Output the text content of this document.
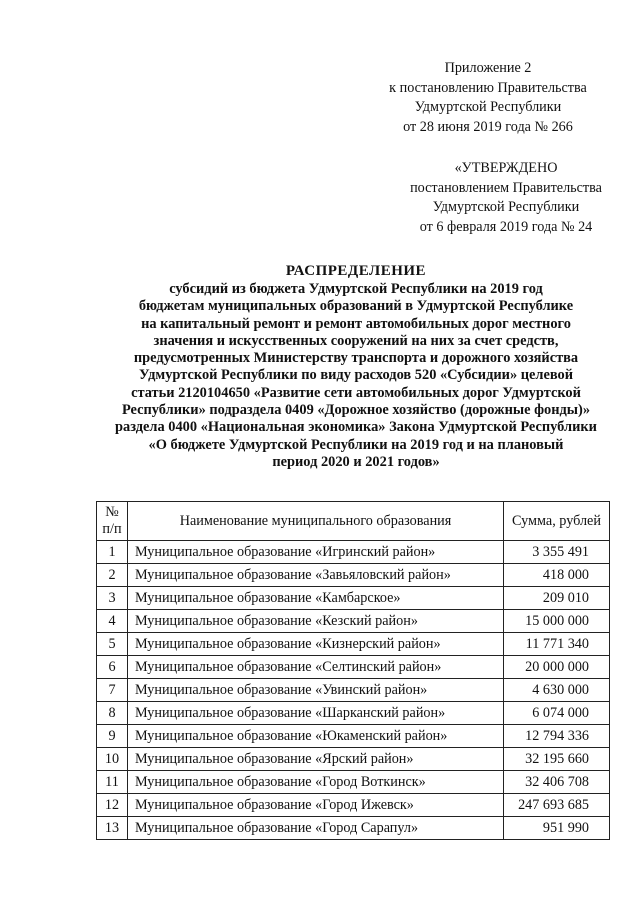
Приложение 2
к постановлению Правительства
Удмуртской Республики
от 28 июня 2019 года № 266
«УТВЕРЖДЕНО
постановлением Правительства
Удмуртской Республики
от 6 февраля 2019 года № 24
РАСПРЕДЕЛЕНИЕ
субсидий из бюджета Удмуртской Республики на 2019 год
бюджетам муниципальных образований в Удмуртской Республике
на капитальный ремонт и ремонт автомобильных дорог местного
значения и искусственных сооружений на них за счет средств,
предусмотренных Министерству транспорта и дорожного хозяйства
Удмуртской Республики по виду расходов 520 «Субсидии» целевой
статьи 2120104650 «Развитие сети автомобильных дорог Удмуртской
Республики» подраздела 0409 «Дорожное хозяйство (дорожные фонды)»
раздела 0400 «Национальная экономика» Закона Удмуртской Республики
«О бюджете Удмуртской Республики на 2019 год и на плановый
период 2020 и 2021 годов»
№
п/п	Наименование муниципального образования	Сумма, рублей
1	Муниципальное образование «Игринский район»	3 355 491
2	Муниципальное образование «Завьяловский район»	418 000
3	Муниципальное образование «Камбарское»	209 010
4	Муниципальное образование «Кезский район»	15 000 000
5	Муниципальное образование «Кизнерский район»	11 771 340
6	Муниципальное образование «Селтинский район»	20 000 000
7	Муниципальное образование «Увинский район»	4 630 000
8	Муниципальное образование «Шарканский район»	6 074 000
9	Муниципальное образование «Юкаменский район»	12 794 336
10	Муниципальное образование «Ярский район»	32 195 660
11	Муниципальное образование «Город Воткинск»	32 406 708
12	Муниципальное образование «Город Ижевск»	247 693 685
13	Муниципальное образование «Город Сарапул»	951 990
